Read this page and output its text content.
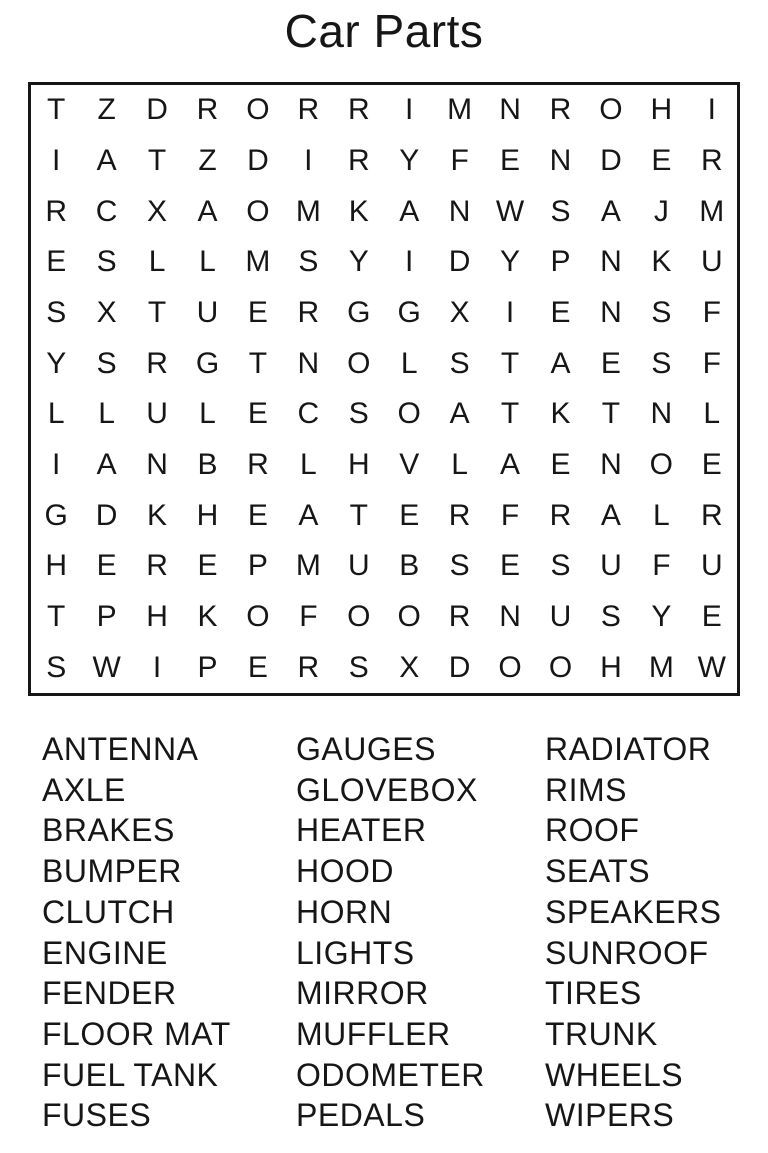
Car Parts
T	Z	D R O R R	I	M N R O H	I
I	A	T	Z	D	I	R Y	F	E N D E R
R C X	A O M K	A N W S	A	J	M
E	S	L	L M S	Y	I	D Y	P N K U
S	X	T	U E R G G X	I	E N S	F
Y	S R G T	N O	L	S	T	A	E	S	F
L	L	U	L	E C S O A	T	K	T	N	L
I	A N B R	L	H V	L	A	E N O E
G D K H E	A	T	E R	F	R A	L	R
H E R E	P M U B	S	E	S U	F	U
T	P H K O F O O R N U S	Y	E
S W	I	P	E R S	X D O O H M W
ANTENNA
AXLE
BRAKES
BUMPER
CLUTCH
ENGINE
FENDER
FLOOR MAT
FUEL TANK
FUSES
GAUGES
GLOVEBOX
HEATER
HOOD
HORN
LIGHTS
MIRROR
MUFFLER
ODOMETER
PEDALS
RADIATOR
RIMS
ROOF
SEATS
SPEAKERS
SUNROOF
TIRES
TRUNK
WHEELS
WIPERS
